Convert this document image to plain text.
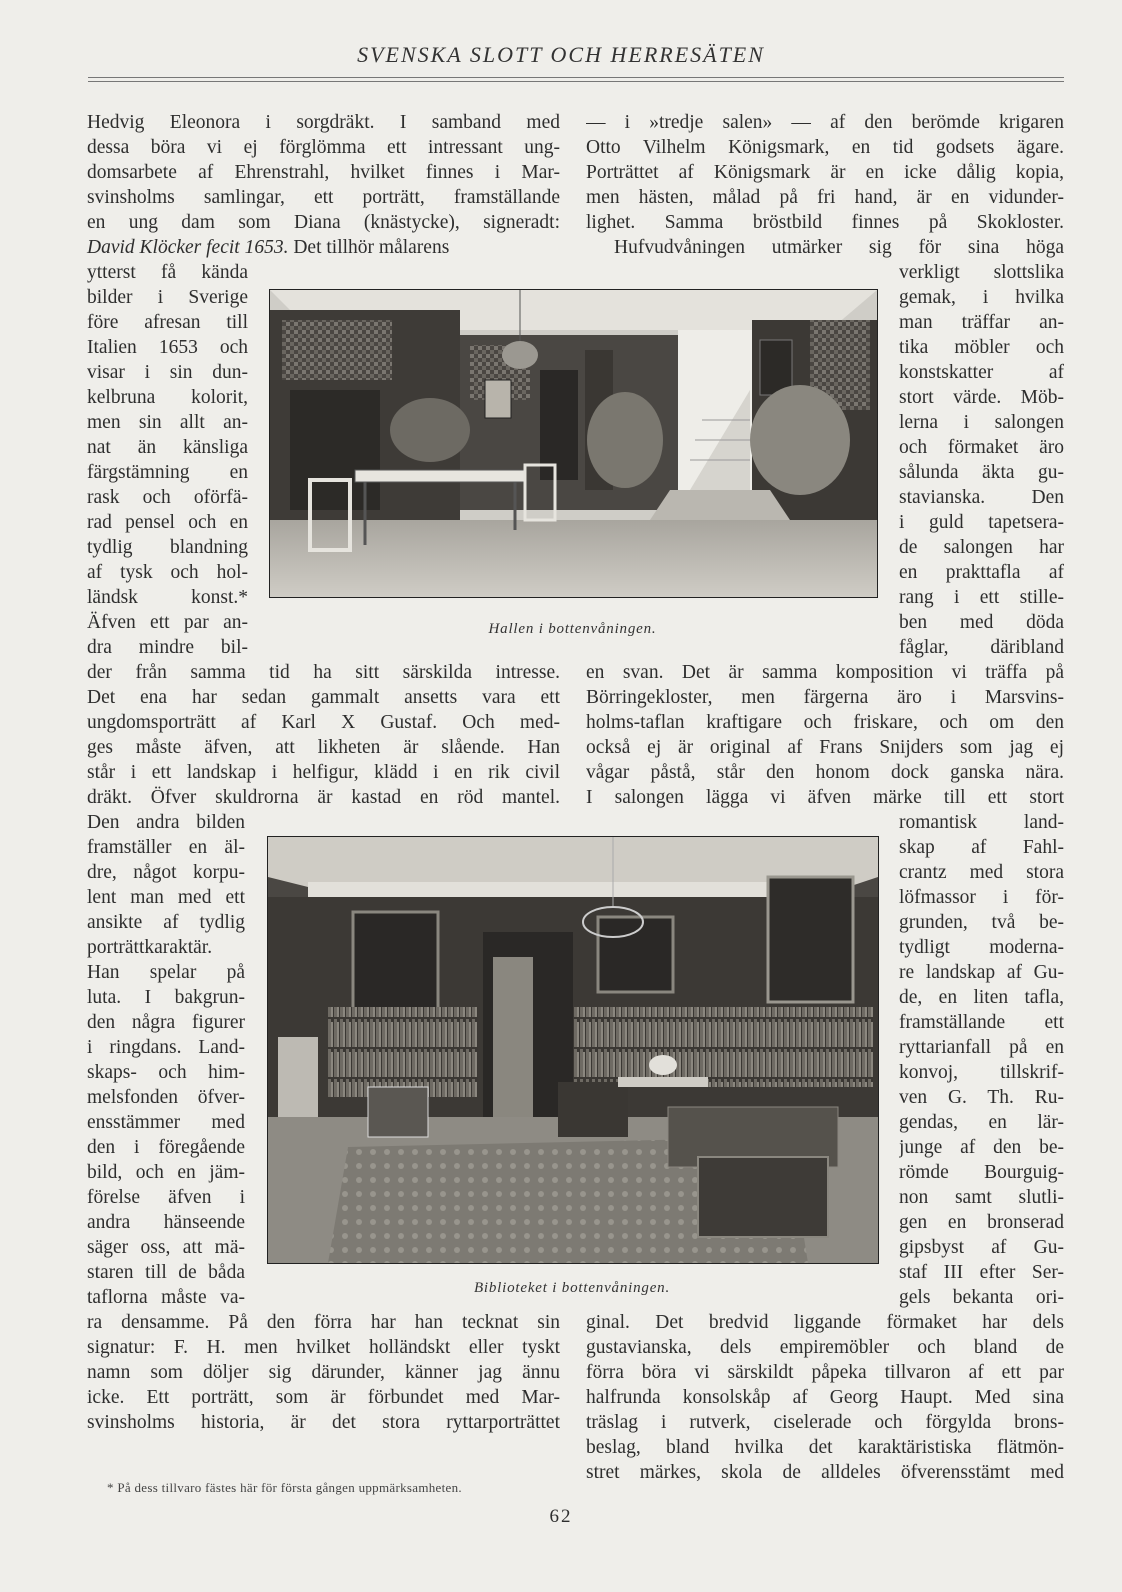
SVENSKA SLOTT OCH HERRESÄTEN
Hedvig Eleonora i sorgdräkt. I samband med
dessa böra vi ej förglömma ett intressant ung-
domsarbete af Ehrenstrahl, hvilket finnes i Mar-
svinsholms samlingar, ett porträtt, framställande
en ung dam som Diana (knästycke), signeradt:
David Klöcker fecit 1653. Det tillhör målarens
— i »tredje salen» — af den berömde krigaren
Otto Vilhelm Königsmark, en tid godsets ägare.
Porträttet af Königsmark är en icke dålig kopia,
men hästen, målad på fri hand, är en vidunder-
lighet. Samma bröstbild finnes på Skokloster.
Hufvudvåningen utmärker sig för sina höga
ytterst få kända
bilder i Sverige
före afresan till
Italien 1653 och
visar i sin dun-
kelbruna kolorit,
men sin allt an-
nat än känsliga
färgstämning en
rask och oförfä-
rad pensel och en
tydlig blandning
af tysk och hol-
ländsk konst.*
Äfven ett par an-
dra mindre bil-
verkligt slottslika
gemak, i hvilka
man träffar an-
tika möbler och
konstskatter af
stort värde. Möb-
lerna i salongen
och förmaket äro
sålunda äkta gu-
stavianska. Den
i guld tapetsera-
de salongen har
en prakttafla af
rang i ett stille-
ben med döda
fåglar, däribland
Hallen i bottenvåningen.
der från samma tid ha sitt särskilda intresse.
Det ena har sedan gammalt ansetts vara ett
ungdomsporträtt af Karl X Gustaf. Och med-
ges måste äfven, att likheten är slående. Han
står i ett landskap i helfigur, klädd i en rik civil
dräkt. Öfver skuldrorna är kastad en röd mantel.
en svan. Det är samma komposition vi träffa på
Börringekloster, men färgerna äro i Marsvins-
holms-taflan kraftigare och friskare, och om den
också ej är original af Frans Snijders som jag ej
vågar påstå, står den honom dock ganska nära.
I salongen lägga vi äfven märke till ett stort
Den andra bilden
framställer en äl-
dre, något korpu-
lent man med ett
ansikte af tydlig
porträttkaraktär.
Han spelar på
luta. I bakgrun-
den några figurer
i ringdans. Land-
skaps- och him-
melsfonden öfver-
ensstämmer med
den i föregående
bild, och en jäm-
förelse äfven i
andra hänseende
säger oss, att mä-
staren till de båda
taflorna måste va-
romantisk land-
skap af Fahl-
crantz med stora
löfmassor i för-
grunden, två be-
tydligt moderna-
re landskap af Gu-
de, en liten tafla,
framställande ett
ryttarianfall på en
konvoj, tillskrif-
ven G. Th. Ru-
gendas, en lär-
junge af den be-
römde Bourguig-
non samt slutli-
gen en bronserad
gipsbyst af Gu-
staf III efter Ser-
gels bekanta ori-
Biblioteket i bottenvåningen.
ra densamme. På den förra har han tecknat sin
signatur: F. H. men hvilket holländskt eller tyskt
namn som döljer sig därunder, känner jag ännu
icke. Ett porträtt, som är förbundet med Mar-
svinsholms historia, är det stora ryttarporträttet
* På dess tillvaro fästes här för första gången uppmärksamheten.
ginal. Det bredvid liggande förmaket har dels
gustavianska, dels empiremöbler och bland de
förra böra vi särskildt påpeka tillvaron af ett par
halfrunda konsolskåp af Georg Haupt. Med sina
träslag i rutverk, ciselerade och förgylda brons-
beslag, bland hvilka det karaktäristiska flätmön-
stret märkes, skola de alldeles öfverensstämt med
62
